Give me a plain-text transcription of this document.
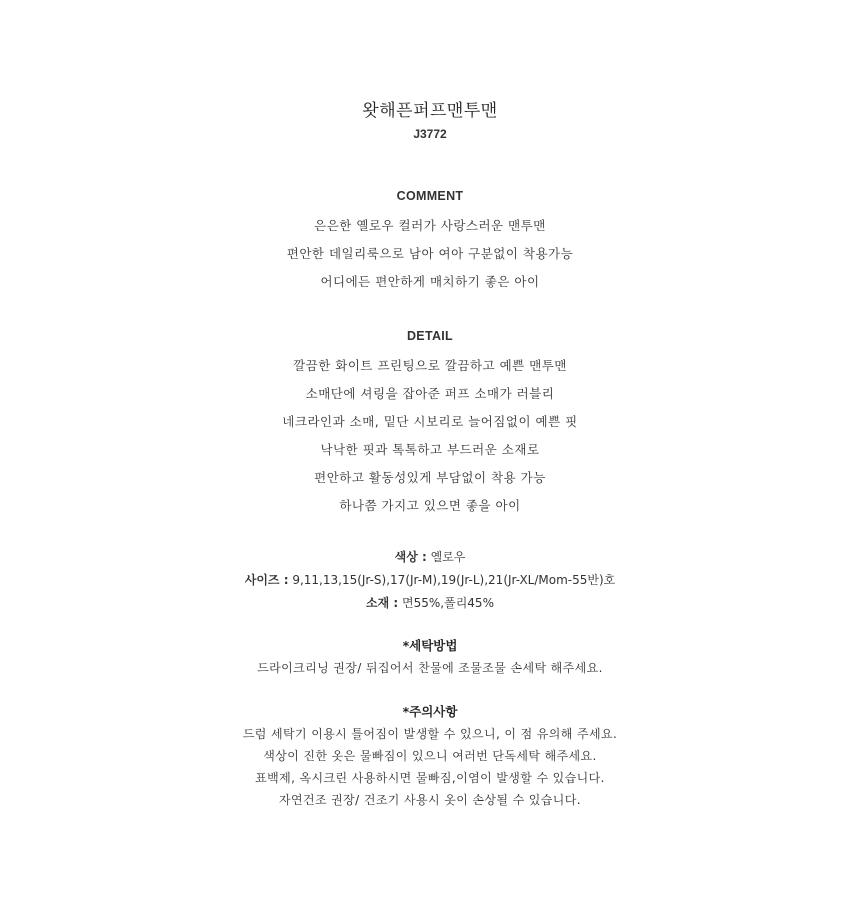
왓해픈퍼프맨투맨
J3772
COMMENT
은은한 옐로우 컬러가 사랑스러운 맨투맨
편안한 데일리룩으로 남아 여아 구분없이 착용가능
어디에든 편안하게 매치하기 좋은 아이
DETAIL
깔끔한 화이트 프린팅으로 깔끔하고 예쁜 맨투맨
소매단에 셔링을 잡아준 퍼프 소매가 러블리
네크라인과 소매, 밑단 시보리로 늘어짐없이 예쁜 핏
낙낙한 핏과 톡톡하고 부드러운 소재로
편안하고 활동성있게 부담없이 착용 가능
하나쯤 가지고 있으면 좋을 아이
색상 : 옐로우
사이즈 : 9,11,13,15(Jr-S),17(Jr-M),19(Jr-L),21(Jr-XL/Mom-55반)호
소재 : 면55%,폴리45%
*세탁방법
드라이크리닝 권장/ 뒤집어서 찬물에 조물조물 손세탁 해주세요.
*주의사항
드럼 세탁기 이용시 틀어짐이 발생할 수 있으니, 이 점 유의해 주세요.
색상이 진한 옷은 물빠짐이 있으니 여러번 단독세탁 해주세요.
표백제, 옥시크린 사용하시면 물빠짐,이염이 발생할 수 있습니다.
자연건조 권장/ 건조기 사용시 옷이 손상될 수 있습니다.
